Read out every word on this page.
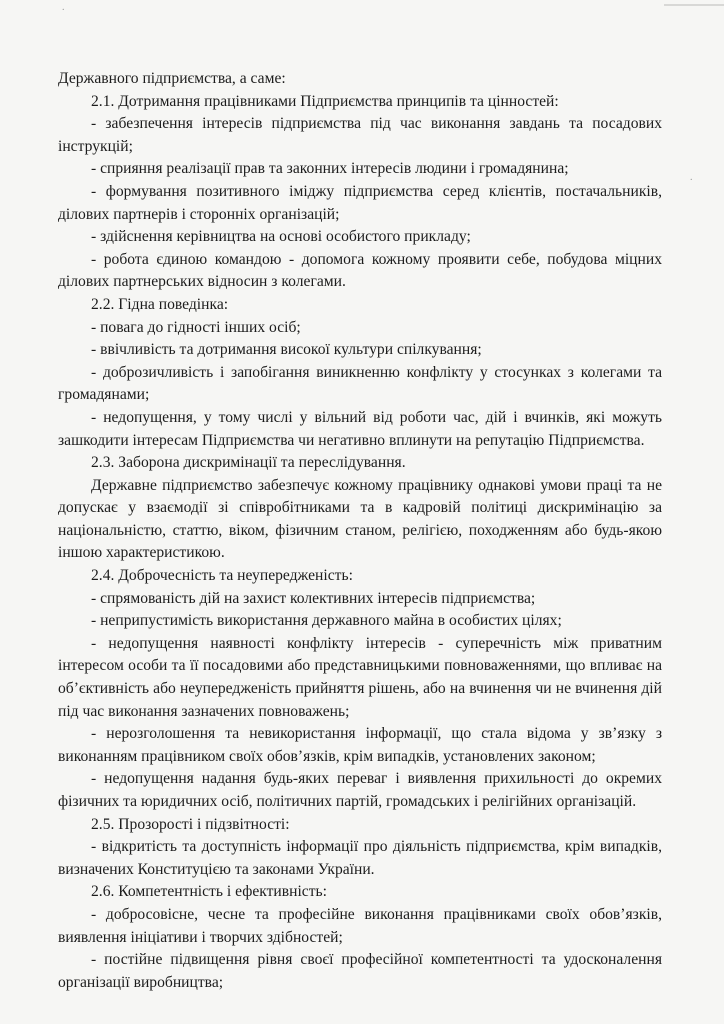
.
.

Державного підприємства, а саме:

2.1. Дотримання працівниками Підприємства принципів та цінностей:

- забезпечення інтересів підприємства під час виконання завдань та посадових інструкцій;

- сприяння реалізації прав та законних інтересів людини і громадянина;

- формування позитивного іміджу підприємства серед клієнтів, постачальників, ділових партнерів і сторонніх організацій;

- здійснення керівництва на основі особистого прикладу;

- робота єдиною командою - допомога кожному проявити себе, побудова міцних ділових партнерських відносин з колегами.

2.2. Гідна поведінка:

- повага до гідності інших осіб;

- ввічливість та дотримання високої культури спілкування;

- доброзичливість і запобігання виникненню конфлікту у стосунках з колегами та громадянами;

- недопущення, у тому числі у вільний від роботи час, дій і вчинків, які можуть зашкодити інтересам Підприємства чи негативно вплинути на репутацію Підприємства.

2.3. Заборона дискримінації та переслідування.

Державне підприємство забезпечує кожному працівнику однакові умови праці та не допускає у взаємодії зі співробітниками та в кадровій політиці дискримінацію за національністю, статтю, віком, фізичним станом, релігією, походженням або будь-якою іншою характеристикою.

2.4. Доброчесність та неупередженість:

- спрямованість дій на захист колективних інтересів підприємства;

- неприпустимість використання державного майна в особистих цілях;

- недопущення наявності конфлікту інтересів - суперечність між приватним інтересом особи та її посадовими або представницькими повноваженнями, що впливає на об’єктивність або неупередженість прийняття рішень, або на вчинення чи не вчинення дій під час виконання зазначених повноважень;

- нерозголошення та невикористання інформації, що стала відома у зв’язку з виконанням працівником своїх обов’язків, крім випадків, установлених законом;

- недопущення надання будь-яких переваг і виявлення прихильності до окремих фізичних та юридичних осіб, політичних партій, громадських і релігійних організацій.

2.5. Прозорості і підзвітності:

- відкритість та доступність інформації про діяльність підприємства, крім випадків, визначених Конституцією та законами України.

2.6. Компетентність і ефективність:

- добросовісне, чесне та професійне виконання працівниками своїх обов’язків, виявлення ініціативи і творчих здібностей;

- постійне підвищення рівня своєї професійної компетентності та удосконалення організації виробництва;
